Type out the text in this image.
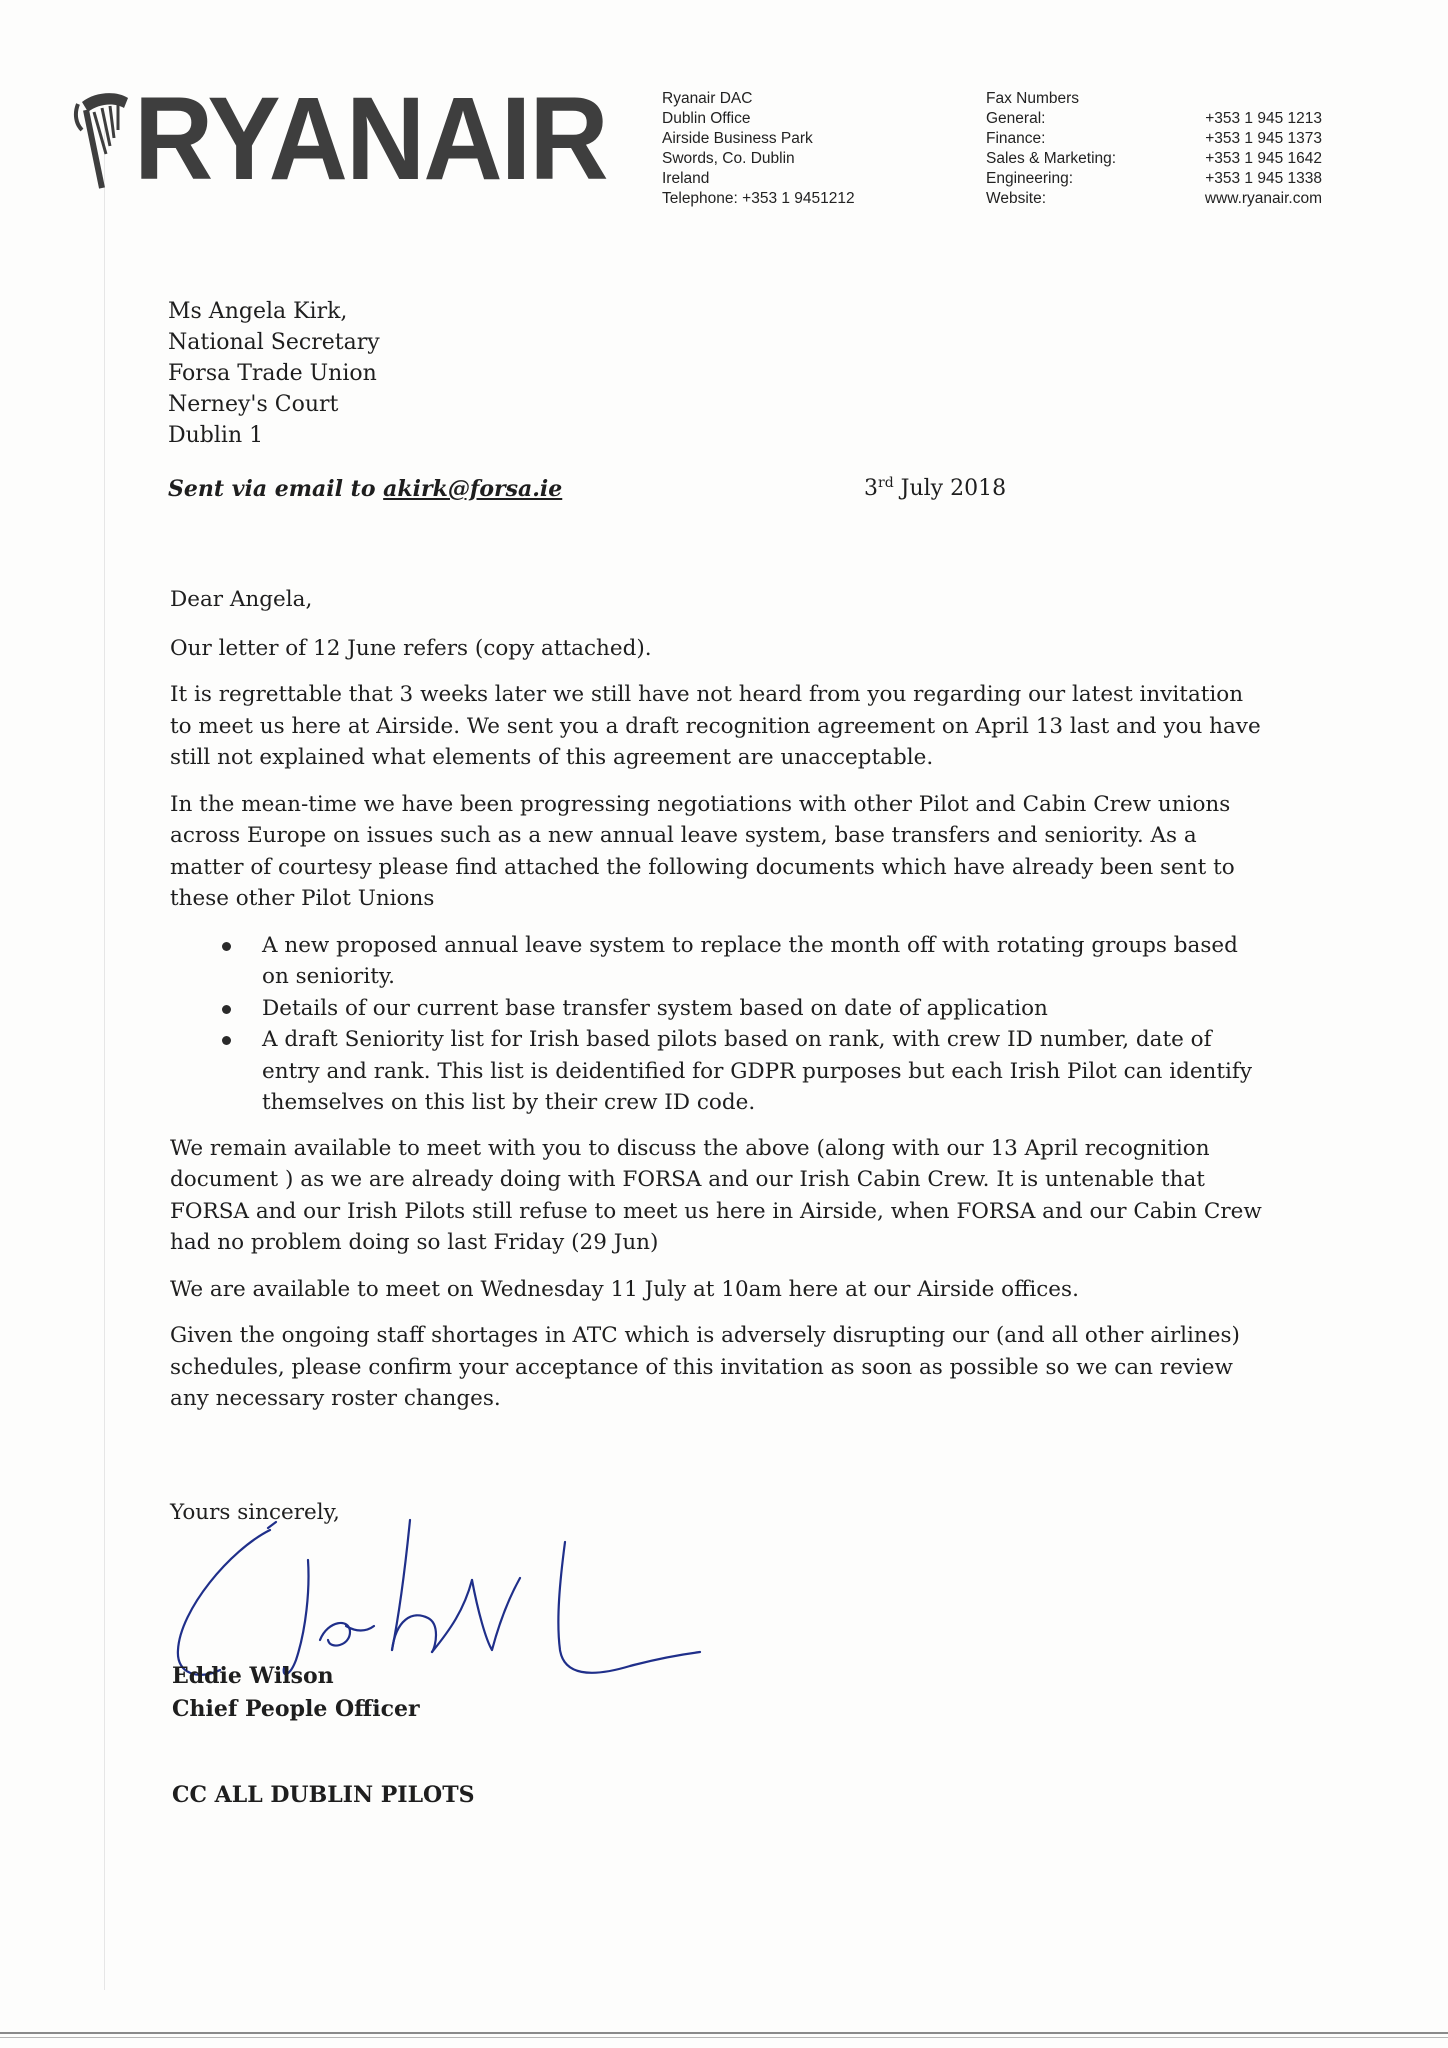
RYANAIR	Ryanair DAC
Dublin Office
Airside Business Park
Swords, Co. Dublin
Ireland
Telephone: +353 1 9451212
Fax Numbers
General:	+353 1 945 1213
Finance:	+353 1 945 1373
Sales & Marketing:	+353 1 945 1642
Engineering:	+353 1 945 1338
Website:	www.ryanair.com
Ms Angela Kirk,
National Secretary
Forsa Trade Union
Nerney's Court
Dublin 1
Sent via email to akirk@forsa.ie	3rd July 2018

Dear Angela,

Our letter of 12 June refers (copy attached).

It is regrettable that 3 weeks later we still have not heard from you regarding our latest invitation to meet us here at Airside. We sent you a draft recognition agreement on April 13 last and you have still not explained what elements of this agreement are unacceptable.

In the mean-time we have been progressing negotiations with other Pilot and Cabin Crew unions across Europe on issues such as a new annual leave system, base transfers and seniority. As a matter of courtesy please find attached the following documents which have already been sent to these other Pilot Unions

A new proposed annual leave system to replace the month off with rotating groups based on seniority.
Details of our current base transfer system based on date of application
A draft Seniority list for Irish based pilots based on rank, with crew ID number, date of entry and rank. This list is deidentified for GDPR purposes but each Irish Pilot can identify themselves on this list by their crew ID code.

We remain available to meet with you to discuss the above (along with our 13 April recognition document ) as we are already doing with FORSA and our Irish Cabin Crew. It is untenable that FORSA and our Irish Pilots still refuse to meet us here in Airside, when FORSA and our Cabin Crew had no problem doing so last Friday (29 Jun)

We are available to meet on Wednesday 11 July at 10am here at our Airside offices.

Given the ongoing staff shortages in ATC which is adversely disrupting our (and all other airlines) schedules, please confirm your acceptance of this invitation as soon as possible so we can review any necessary roster changes.

Yours sincerely,
Eddie Wilson
Chief People Officer
CC ALL DUBLIN PILOTS
